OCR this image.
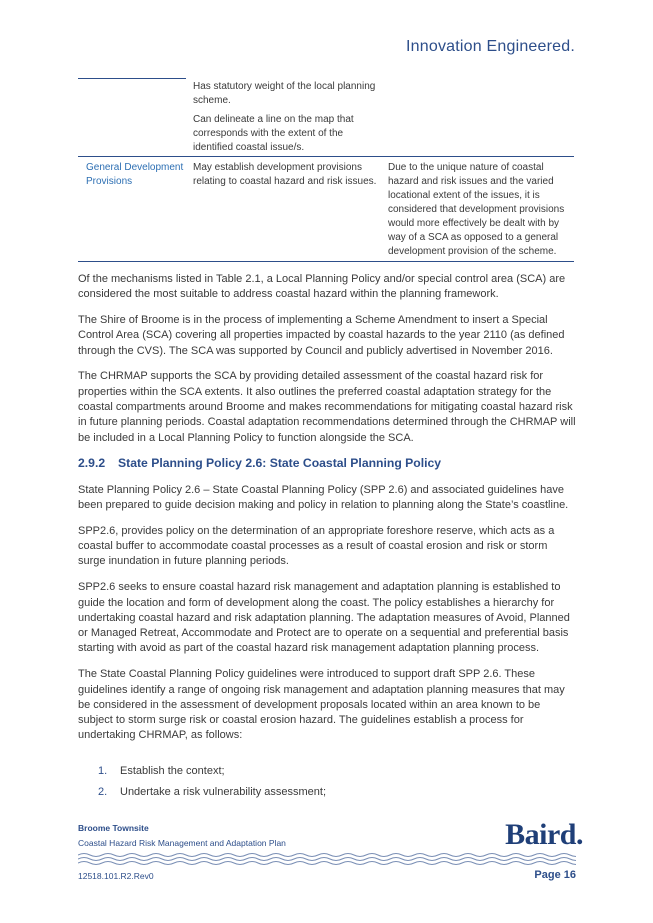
Innovation Engineered.

Has statutory weight of the local planning scheme.

Can delineate a line on the map that corresponds with the extent of the identified coastal issue/s.

General Development Provisions
May establish development provisions relating to coastal hazard and risk issues.
Due to the unique nature of coastal hazard and risk issues and the varied locational extent of the issues, it is considered that development provisions would more effectively be dealt with by way of a SCA as opposed to a general development provision of the scheme.

Of the mechanisms listed in Table 2.1, a Local Planning Policy and/or special control area (SCA) are considered the most suitable to address coastal hazard within the planning framework.

The Shire of Broome is in the process of implementing a Scheme Amendment to insert a Special Control Area (SCA) covering all properties impacted by coastal hazards to the year 2110 (as defined through the CVS). The SCA was supported by Council and publicly advertised in November 2016.

The CHRMAP supports the SCA by providing detailed assessment of the coastal hazard risk for properties within the SCA extents. It also outlines the preferred coastal adaptation strategy for the coastal compartments around Broome and makes recommendations for mitigating coastal hazard risk in future planning periods. Coastal adaptation recommendations determined through the CHRMAP will be included in a Local Planning Policy to function alongside the SCA.

2.9.2 State Planning Policy 2.6: State Coastal Planning Policy

State Planning Policy 2.6 – State Coastal Planning Policy (SPP 2.6) and associated guidelines have been prepared to guide decision making and policy in relation to planning along the State’s coastline.

SPP2.6, provides policy on the determination of an appropriate foreshore reserve, which acts as a coastal buffer to accommodate coastal processes as a result of coastal erosion and risk or storm surge inundation in future planning periods.

SPP2.6 seeks to ensure coastal hazard risk management and adaptation planning is established to guide the location and form of development along the coast. The policy establishes a hierarchy for undertaking coastal hazard and risk adaptation planning. The adaptation measures of Avoid, Planned or Managed Retreat, Accommodate and Protect are to operate on a sequential and preferential basis starting with avoid as part of the coastal hazard risk management adaptation planning process.

The State Coastal Planning Policy guidelines were introduced to support draft SPP 2.6. These guidelines identify a range of ongoing risk management and adaptation planning measures that may be considered in the assessment of development proposals located within an area known to be subject to storm surge risk or coastal erosion hazard. The guidelines establish a process for undertaking CHRMAP, as follows:

1. Establish the context;
2. Undertake a risk vulnerability assessment;
Broome Townsite
Coastal Hazard Risk Management and Adaptation Plan	Baird.
12518.101.R2.Rev0	Page 16
